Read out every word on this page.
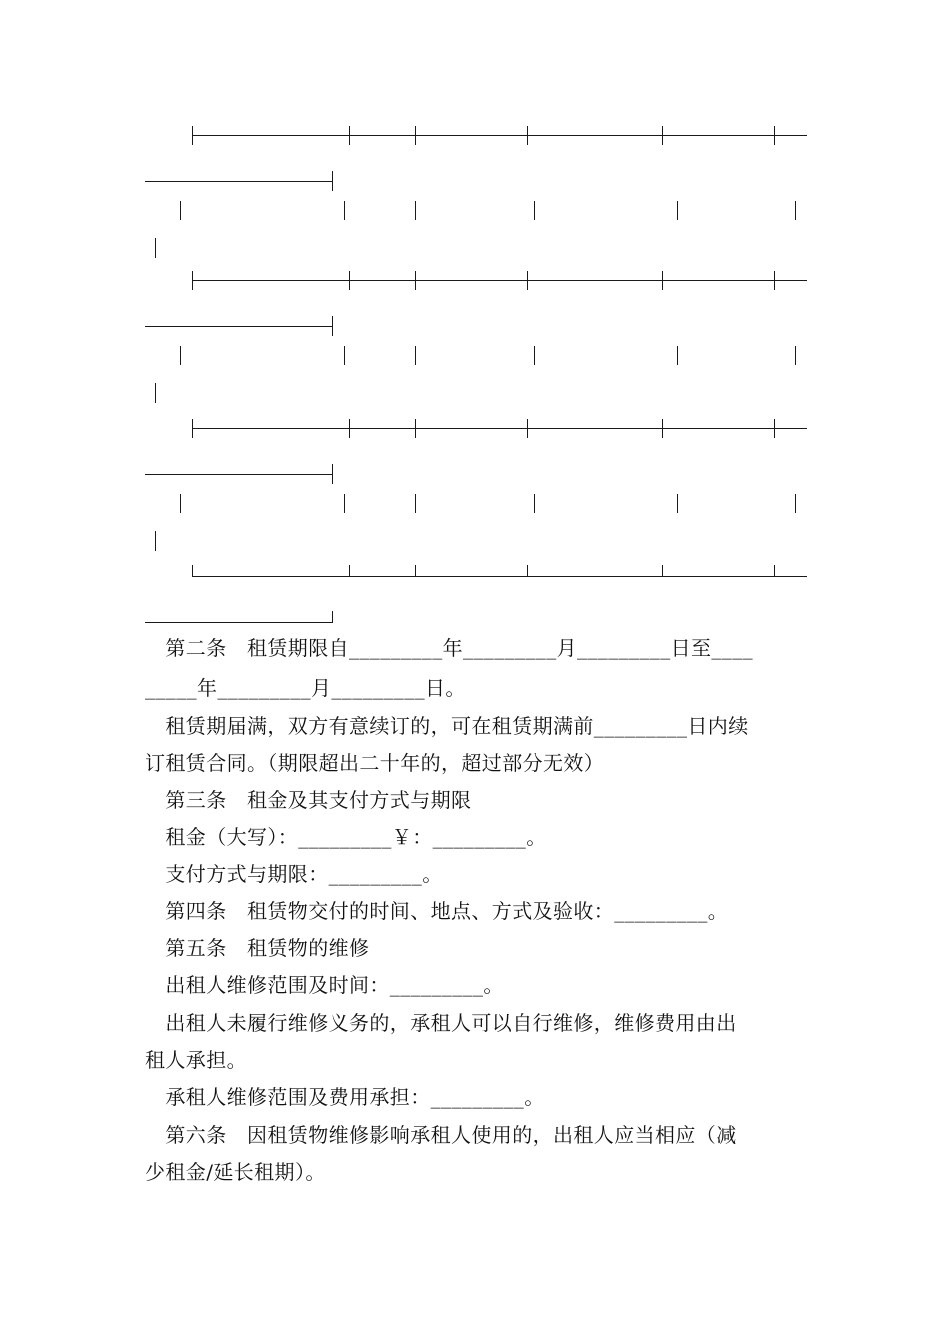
　第二条　租赁期限自_________年_________月_________日至____
_____年_________月_________日。
　租赁期届满，双方有意续订的，可在租赁期满前_________日内续
订租赁合同。（期限超出二十年的，超过部分无效）
　第三条　租金及其支付方式与期限
　租金（大写）：_________￥：_________。
　支付方式与期限：_________。
　第四条　租赁物交付的时间、地点、方式及验收：_________。
　第五条　租赁物的维修
　出租人维修范围及时间：_________。
　出租人未履行维修义务的，承租人可以自行维修，维修费用由出
租人承担。
　承租人维修范围及费用承担：_________。
　第六条　因租赁物维修影响承租人使用的，出租人应当相应（减
少租金/延长租期）。
